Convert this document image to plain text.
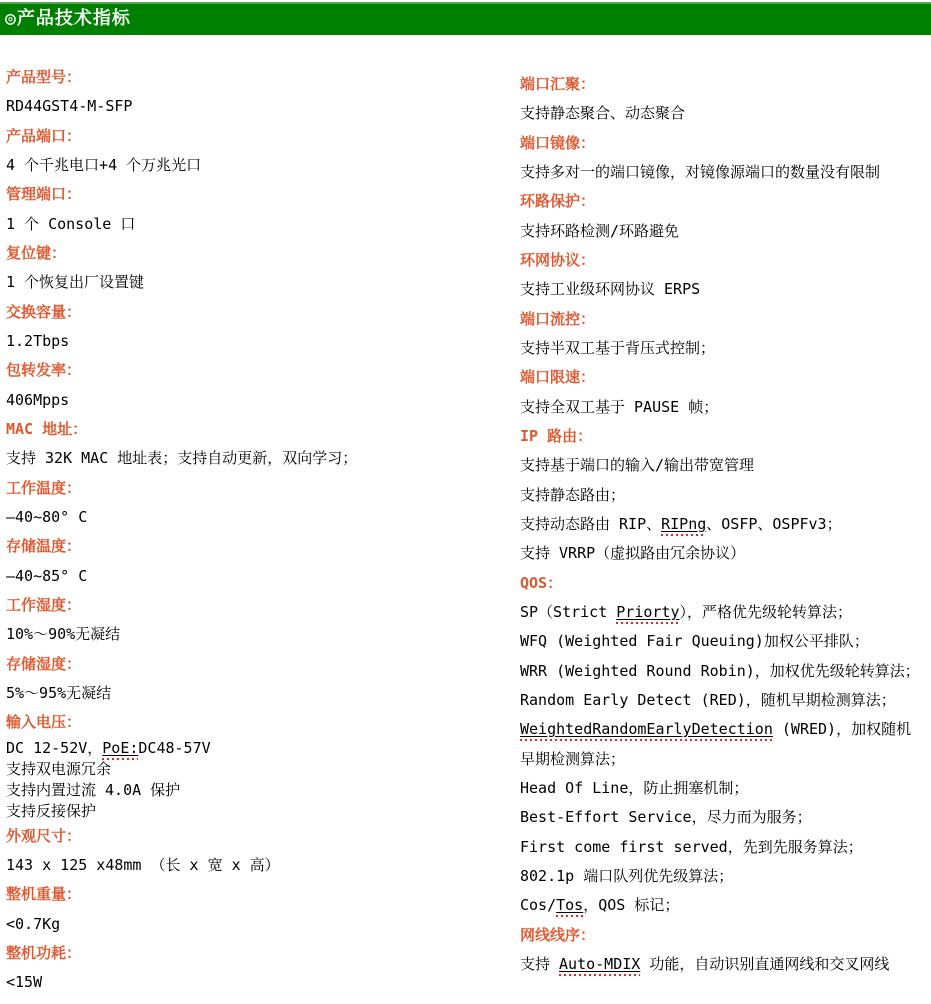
◎产品技术指标
产品型号：
RD44GST4-M-SFP
产品端口：
4 个千兆电口+4 个万兆光口
管理端口：
1 个 Console 口
复位键：
1 个恢复出厂设置键
交换容量：
1.2Tbps
包转发率：
406Mpps
MAC 地址：
支持 32K MAC 地址表；支持自动更新，双向学习；
工作温度：
—40~80° C
存储温度：
—40~85° C
工作湿度：
10%～90%无凝结
存储湿度：
5%～95%无凝结
输入电压：
DC 12-52V，PoE:DC48-57V
支持双电源冗余
支持内置过流 4.0A 保护
支持反接保护
外观尺寸：
143 x 125 x48mm （长 x 宽 x 高）
整机重量：
<0.7Kg
整机功耗：
<15W
端口汇聚：
支持静态聚合、动态聚合
端口镜像：
支持多对一的端口镜像，对镜像源端口的数量没有限制
环路保护：
支持环路检测/环路避免
环网协议：
支持工业级环网协议 ERPS
端口流控：
支持半双工基于背压式控制；
端口限速：
支持全双工基于 PAUSE 帧；
IP 路由：
支持基于端口的输入/输出带宽管理
支持静态路由；
支持动态路由 RIP、RIPng、OSFP、OSPFv3；
支持 VRRP（虚拟路由冗余协议）
QOS：
SP（Strict Priorty），严格优先级轮转算法；
WFQ (Weighted Fair Queuing)加权公平排队；
WRR (Weighted Round Robin)，加权优先级轮转算法；
Random Early Detect (RED)，随机早期检测算法；
WeightedRandomEarlyDetection (WRED)，加权随机早期检测算法；
Head Of Line，防止拥塞机制；
Best-Effort Service，尽力而为服务；
First come first served，先到先服务算法；
802.1p 端口队列优先级算法；
Cos/Tos，QOS 标记；
网线线序：
支持 Auto-MDIX 功能，自动识别直通网线和交叉网线
